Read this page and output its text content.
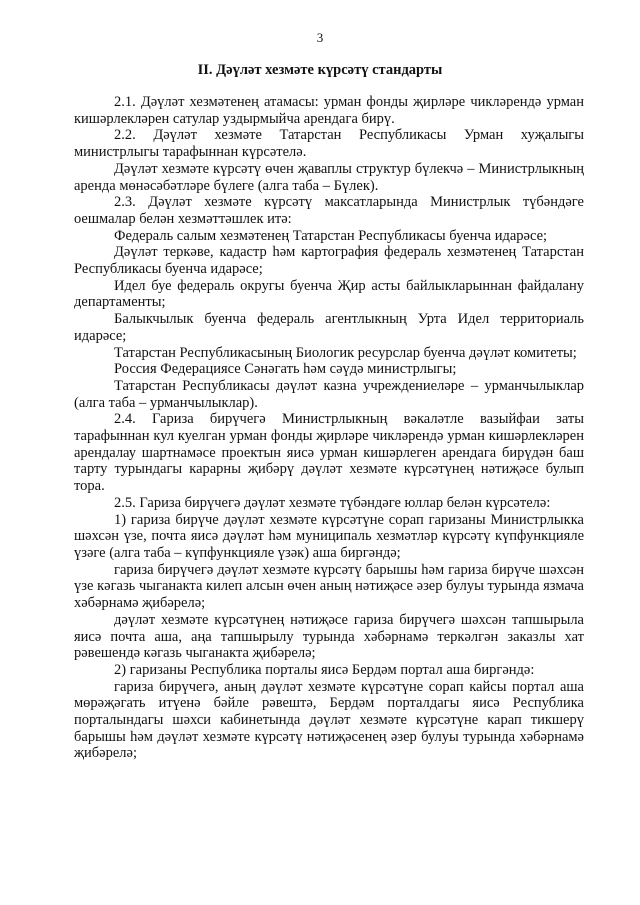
3
II. Дәүләт хезмәте күрсәтү стандарты

2.1. Дәүләт хезмәтенең атамасы: урман фонды җирләре чикләрендә урман кишәрлекләрен сатулар уздырмыйча арендага бирү.

2.2. Дәүләт хезмәте Татарстан Республикасы Урман хуҗалыгы министрлыгы тарафыннан күрсәтелә.

Дәүләт хезмәте күрсәтү өчен җаваплы структур бүлекчә – Министрлыкның аренда мөнәсәбәтләре бүлеге (алга таба – Бүлек).

2.3. Дәүләт хезмәте күрсәтү максатларында Министрлык түбәндәге оешмалар белән хезмәттәшлек итә:

Федераль салым хезмәтенең Татарстан Республикасы буенча идарәсе;

Дәүләт теркәве, кадастр һәм картография федераль хезмәтенең Татарстан Республикасы буенча идарәсе;

Идел буе федераль округы буенча Җир асты байлыкларыннан файдалану департаменты;

Балыкчылык буенча федераль агентлыкның Урта Идел территориаль идарәсе;

Татарстан Республикасының Биологик ресурслар буенча дәүләт комитеты;

Россия Федерациясе Сәнәгать һәм сәүдә министрлыгы;

Татарстан Республикасы дәүләт казна учреждениеләре – урманчылыклар (алга таба – урманчылыклар).

2.4. Гариза бирүчегә Министрлыкның вәкаләтле вазыйфаи заты тарафыннан кул куелган урман фонды җирләре чикләрендә урман кишәрлекләрен арендалау шартнамәсе проектын яисә урман кишәрлеген арендага бирүдән баш тарту турындагы карарны җибәрү дәүләт хезмәте күрсәтүнең нәтиҗәсе булып тора.

2.5. Гариза бирүчегә дәүләт хезмәте түбәндәге юллар белән күрсәтелә:

1) гариза бирүче дәүләт хезмәте күрсәтүне сорап гаризаны Министрлыкка шәхсән үзе, почта яисә дәүләт һәм муниципаль хезмәтләр күрсәтү күпфункцияле үзәге (алга таба – күпфункцияле үзәк) аша биргәндә;

гариза бирүчегә дәүләт хезмәте күрсәтү барышы һәм гариза бирүче шәхсән үзе кәгазь чыганакта килеп алсын өчен аның нәтиҗәсе әзер булуы турында язмача хәбәрнамә җибәрелә;

дәүләт хезмәте күрсәтүнең нәтиҗәсе гариза бирүчегә шәхсән тапшырыла яисә почта аша, аңа тапшырылу турында хәбәрнамә теркәлгән заказлы хат рәвешендә кәгазь чыганакта җибәрелә;

2) гаризаны Республика порталы яисә Бердәм портал аша биргәндә:

гариза бирүчегә, аның дәүләт хезмәте күрсәтүне сорап кайсы портал аша мөрәҗәгать итүенә бәйле рәвештә, Бердәм порталдагы яисә Республика порталындагы шәхси кабинетында дәүләт хезмәте күрсәтүне карап тикшерү барышы һәм дәүләт хезмәте күрсәтү нәтиҗәсенең әзер булуы турында хәбәрнамә җибәрелә;
